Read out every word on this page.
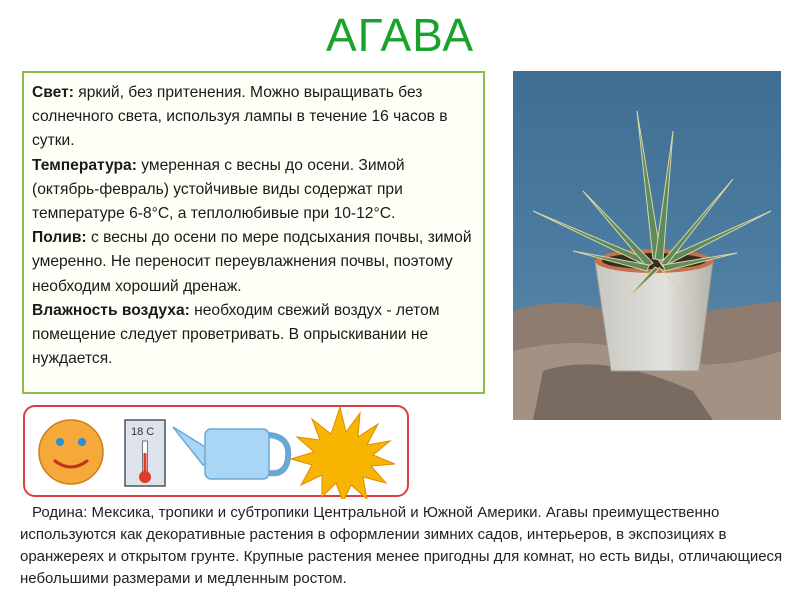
АГАВА
Свет: яркий, без притенения. Можно выращивать без солнечного света, используя лампы в течение 16 часов в сутки.
Температура: умеренная с весны до осени. Зимой (октябрь-февраль) устойчивые виды содержат при температуре 6-8°С, а теплолюбивые при 10-12°С.
Полив: с весны до осени по мере подсыхания почвы, зимой умеренно. Не переносит переувлажнения почвы, поэтому необходим хороший дренаж.
Влажность воздуха: необходим свежий воздух - летом помещение следует проветривать. В опрыскивании не нуждается.
18 С
Родина: Мексика, тропики и субтропики Центральной и Южной Америки. Агавы преимущественно используются как декоративные растения в оформлении зимних садов, интерьеров, в экспозициях в оранжереях и открытом грунте. Крупные растения менее пригодны для комнат, но есть виды, отличающиеся небольшими размерами и медленным ростом.
